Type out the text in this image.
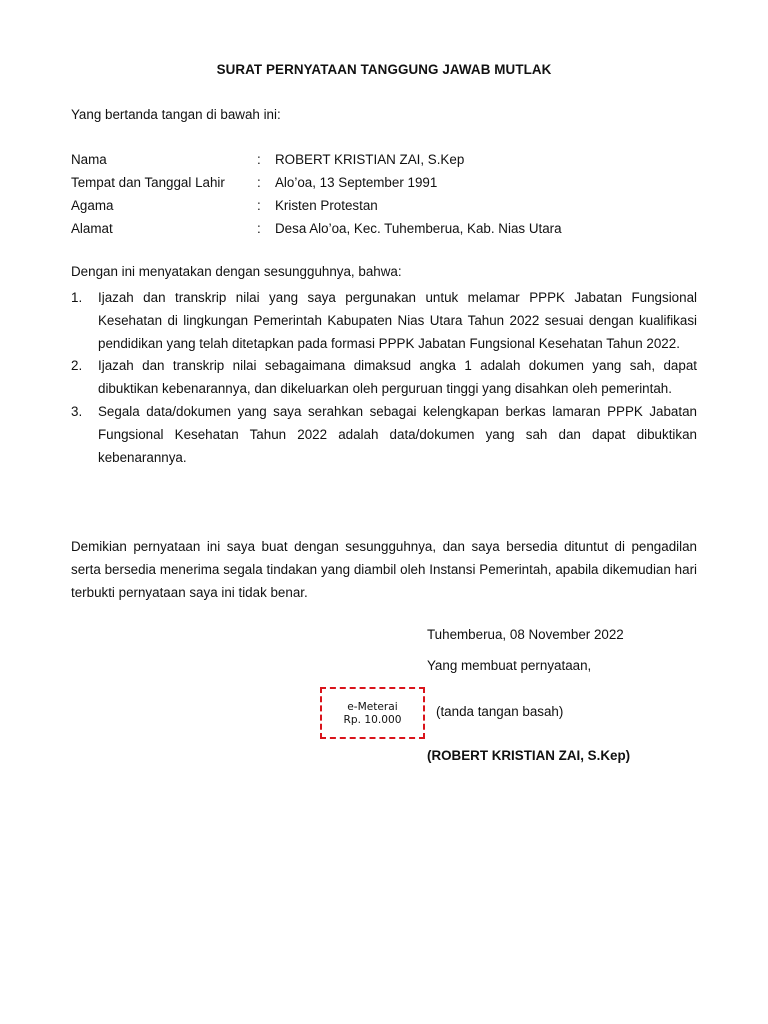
SURAT PERNYATAAN TANGGUNG JAWAB MUTLAK
Yang bertanda tangan di bawah ini:
Nama	: ROBERT KRISTIAN ZAI, S.Kep
Tempat dan Tanggal Lahir : Alo’oa, 13 September 1991
Agama	: Kristen Protestan
Alamat	: Desa Alo’oa, Kec. Tuhemberua, Kab. Nias Utara
Dengan ini menyatakan dengan sesungguhnya, bahwa:
1. Ijazah dan transkrip nilai yang saya pergunakan untuk melamar PPPK Jabatan Fungsional Kesehatan di lingkungan Pemerintah Kabupaten Nias Utara Tahun 2022 sesuai dengan kualifikasi pendidikan yang telah ditetapkan pada formasi PPPK Jabatan Fungsional Kesehatan Tahun 2022.
2. Ijazah dan transkrip nilai sebagaimana dimaksud angka 1 adalah dokumen yang sah, dapat dibuktikan kebenarannya, dan dikeluarkan oleh perguruan tinggi yang disahkan oleh pemerintah.
3. Segala data/dokumen yang saya serahkan sebagai kelengkapan berkas lamaran PPPK Jabatan Fungsional Kesehatan Tahun 2022 adalah data/dokumen yang sah dan dapat dibuktikan kebenarannya.
Demikian pernyataan ini saya buat dengan sesungguhnya, dan saya bersedia dituntut di pengadilan serta bersedia menerima segala tindakan yang diambil oleh Instansi Pemerintah, apabila dikemudian hari terbukti pernyataan saya ini tidak benar.
Tuhemberua, 08 November 2022
Yang membuat pernyataan,
e-Meterai
Rp. 10.000
(tanda tangan basah)
(ROBERT KRISTIAN ZAI, S.Kep)
